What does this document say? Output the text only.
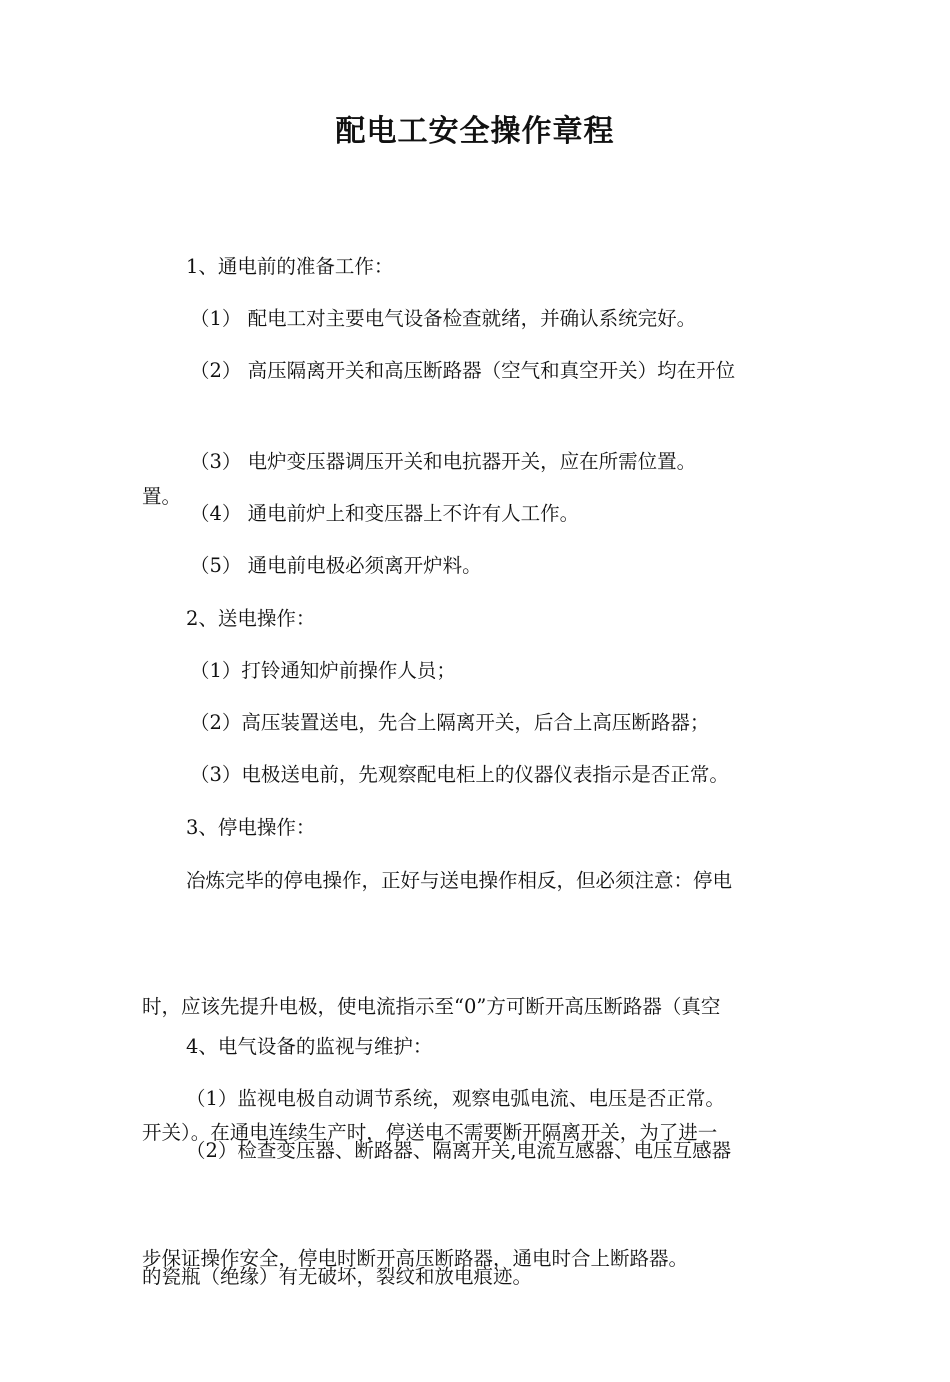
配电工安全操作章程

1、通电前的准备工作：

（1） 配电工对主要电气设备检查就绪，并确认系统完好。

（2） 高压隔离开关和高压断路器（空气和真空开关）均在开位

置。

（3） 电炉变压器调压开关和电抗器开关，应在所需位置。

（4） 通电前炉上和变压器上不许有人工作。

（5） 通电前电极必须离开炉料。

2、送电操作：

（1）打铃通知炉前操作人员；

（2）高压装置送电，先合上隔离开关，后合上高压断路器；

（3）电极送电前，先观察配电柜上的仪器仪表指示是否正常。

3、停电操作：

冶炼完毕的停电操作，正好与送电操作相反，但必须注意：停电

时，应该先提升电极，使电流指示至“0”方可断开高压断路器（真空

开关）。在通电连续生产时，停送电不需要断开隔离开关，为了进一

步保证操作安全，停电时断开高压断路器，通电时合上断路器。

4、电气设备的监视与维护：

（1）监视电极自动调节系统，观察电弧电流、电压是否正常。

（2）检查变压器、断路器、隔离开关,电流互感器、电压互感器

的瓷瓶（绝缘）有无破坏，裂纹和放电痕迹。
